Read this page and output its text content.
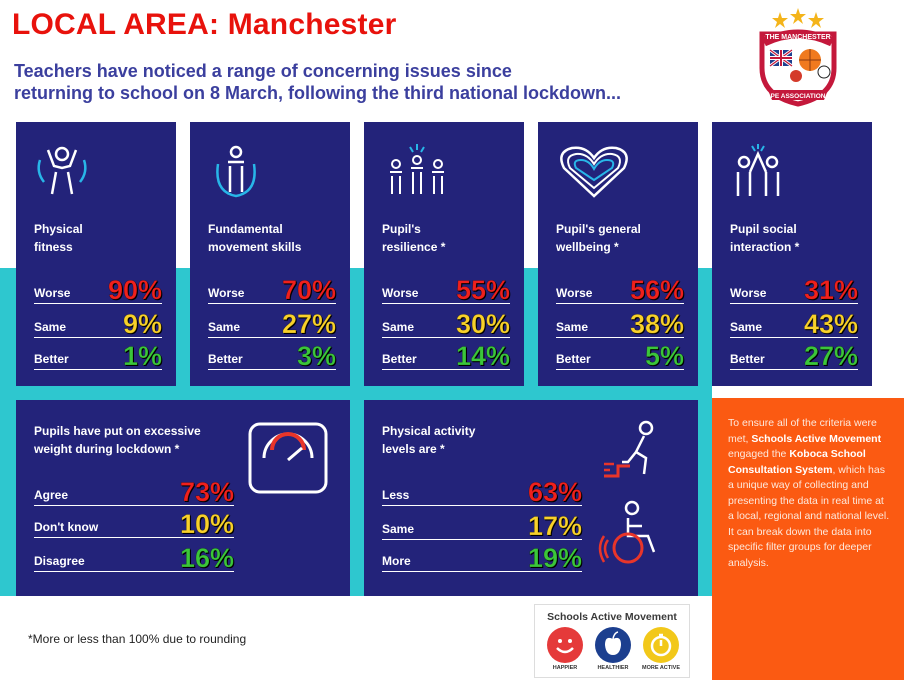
LOCAL AREA: Manchester
Teachers have noticed a range of concerning issues since
returning to school on 8 March, following the third national lockdown...
THE MANCHESTER
PE ASSOCIATION
Physical
fitness
Worse 90%
Same 9%
Better 1%
Fundamental
movement skills
Worse 70%
Same 27%
Better 3%
Pupil's
resilience *
Worse 55%
Same 30%
Better 14%
Pupil's general
wellbeing *
Worse 56%
Same 38%
Better 5%
Pupil social
interaction *
Worse 31%
Same 43%
Better 27%
Pupils have put on excessive
weight during lockdown *
Agree	73%
Don't know	10%
Disagree	16%
Physical activity
levels are *
Less	63%
Same	17%
More	19%
To ensure all of the criteria were met, Schools Active Movement engaged the Koboca School Consultation System, which has a unique way of collecting and presenting the data in real time at a local, regional and national level. It can break down the data into specific filter groups for deeper analysis.
*More or less than 100% due to rounding
Schools Active Movement
HAPPIER	HEALTHIER	MORE ACTIVE
